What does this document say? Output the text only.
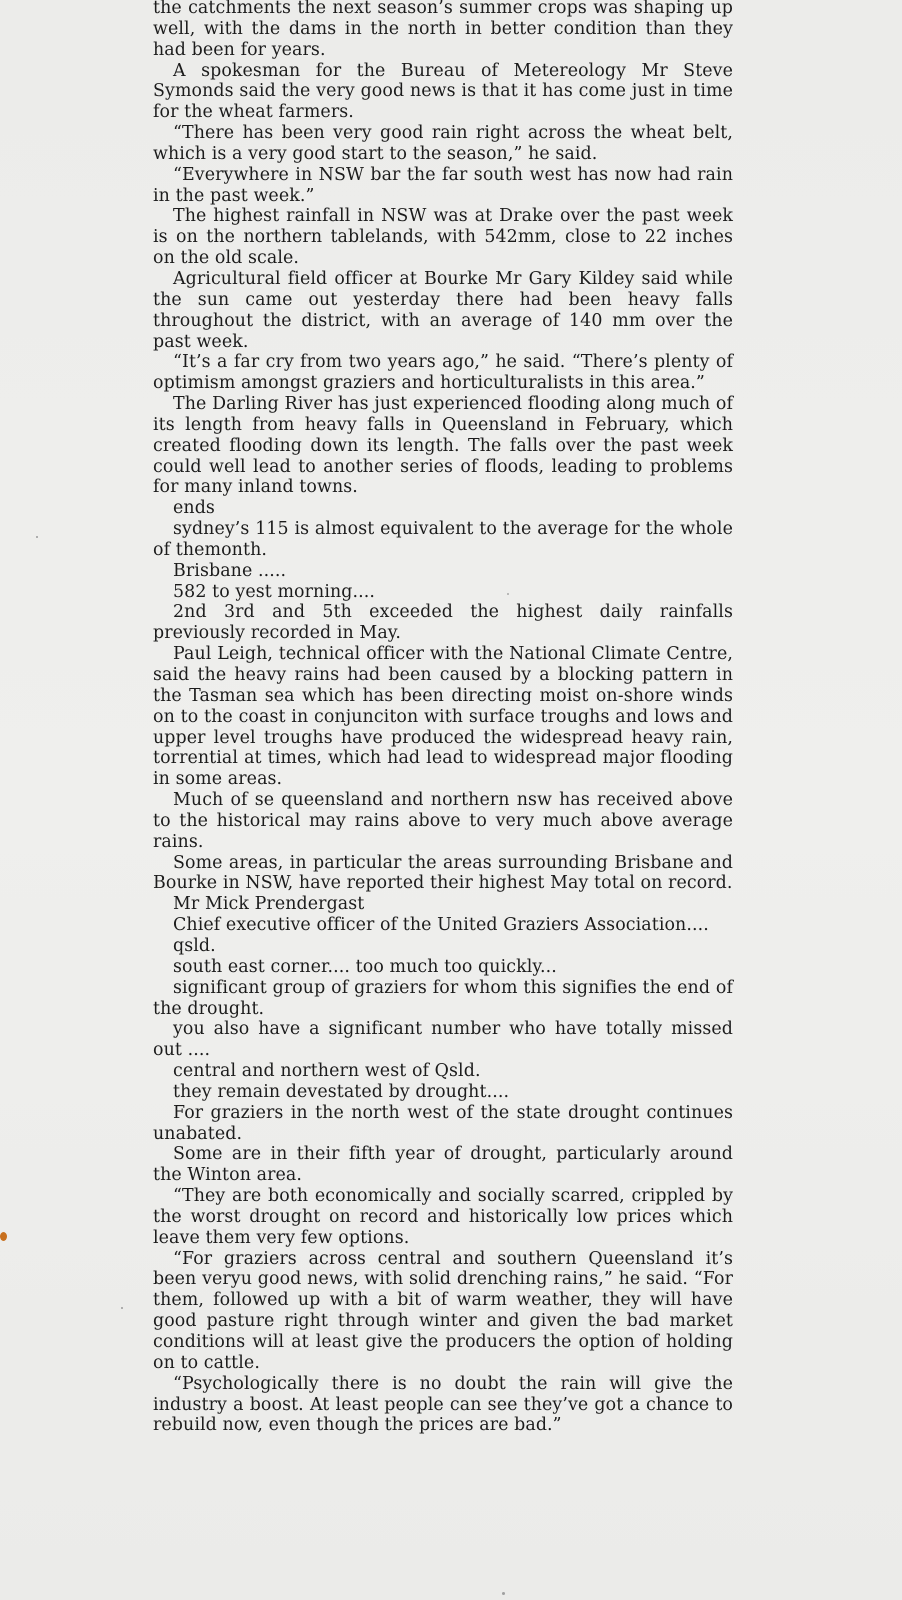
the catchments the next season’s summer crops was shaping up well, with the dams in the north in better condition than they had been for years.

A spokesman for the Bureau of Metereology Mr Steve Symonds said the very good news is that it has come just in time for the wheat farmers.

“There has been very good rain right across the wheat belt, which is a very good start to the season,” he said.

“Everywhere in NSW bar the far south west has now had rain in the past week.”

The highest rainfall in NSW was at Drake over the past week is on the northern tablelands, with 542mm, close to 22 inches on the old scale.

Agricultural field officer at Bourke Mr Gary Kildey said while the sun came out yesterday there had been heavy falls throughout the district, with an average of 140 mm over the past week.

“It’s a far cry from two years ago,” he said. “There’s plenty of optimism amongst graziers and horticulturalists in this area.”

The Darling River has just experienced flooding along much of its length from heavy falls in Queensland in February, which created flooding down its length. The falls over the past week could well lead to another series of floods, leading to problems for many inland towns.

ends

sydney’s 115 is almost equivalent to the average for the whole of themonth.

Brisbane .....

582 to yest morning....

2nd 3rd and 5th exceeded the highest daily rainfalls previously recorded in May.

Paul Leigh, technical officer with the National Climate Centre, said the heavy rains had been caused by a blocking pattern in the Tasman sea which has been directing moist on-shore winds on to the coast in conjunciton with surface troughs and lows and upper level troughs have produced the widespread heavy rain, torrential at times, which had lead to widespread major flooding in some areas.

Much of se queensland and northern nsw has received above to the historical may rains above to very much above average rains.

Some areas, in particular the areas surrounding Brisbane and Bourke in NSW, have reported their highest May total on record.

Mr Mick Prendergast

Chief executive officer of the United Graziers Association....

qsld.

south east corner.... too much too quickly...

significant group of graziers for whom this signifies the end of the drought.

you also have a significant number who have totally missed out ....

central and northern west of Qsld.

they remain devestated by drought....

For graziers in the north west of the state drought continues unabated.

Some are in their fifth year of drought, particularly around the Winton area.

“They are both economically and socially scarred, crippled by the worst drought on record and historically low prices which leave them very few options.

“For graziers across central and southern Queensland it’s been veryu good news, with solid drenching rains,” he said. “For them, followed up with a bit of warm weather, they will have good pasture right through winter and given the bad market conditions will at least give the producers the option of holding on to cattle.

“Psychologically there is no doubt the rain will give the industry a boost. At least people can see they’ve got a chance to rebuild now, even though the prices are bad.”
